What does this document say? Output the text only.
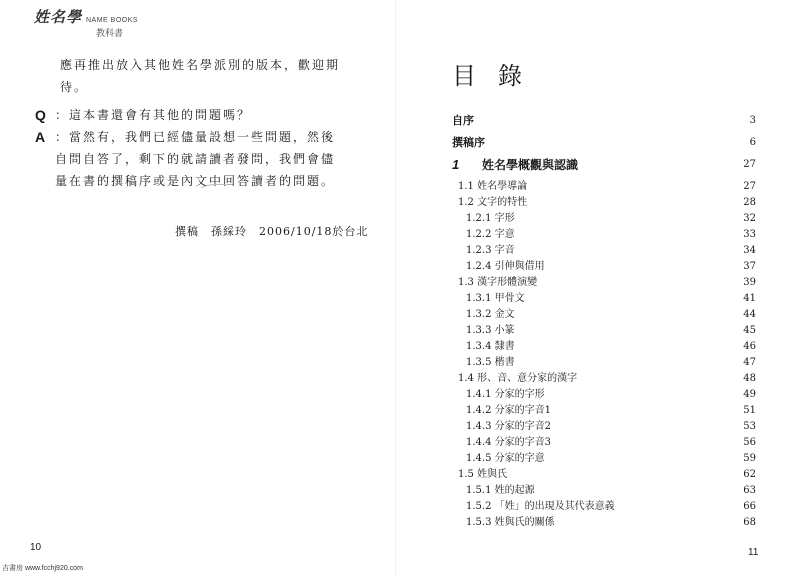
姓名學 NAME BOOKS
教科書
應再推出放入其他姓名學派別的版本，歡迎期待。
Q ：這本書還會有其他的問題嗎？
A ：當然有，我們已經儘量設想一些問題，然後自問自答了，剩下的就請讀者發問，我們會儘量在書的撰稿序或是內文中回答讀者的問題。
撰稿　孫綵玲　2006/10/18於台北
10
吉書房 www.fcchj920.com
目錄
自序	3
撰稿序	6
1 姓名學概觀與認識	27
1.1 姓名學導論	27
1.2 文字的特性	28
1.2.1 字形	32
1.2.2 字意	33
1.2.3 字音	34
1.2.4 引伸與借用	37
1.3 漢字形體演變	39
1.3.1 甲骨文	41
1.3.2 金文	44
1.3.3 小篆	45
1.3.4 隸書	46
1.3.5 楷書	47
1.4 形、音、意分家的漢字	48
1.4.1 分家的字形	49
1.4.2 分家的字音1	51
1.4.3 分家的字音2	53
1.4.4 分家的字音3	56
1.4.5 分家的字意	59
1.5 姓與氏	62
1.5.1 姓的起源	63
1.5.2 「姓」的出現及其代表意義	66
1.5.3 姓與氏的關係	68
11
